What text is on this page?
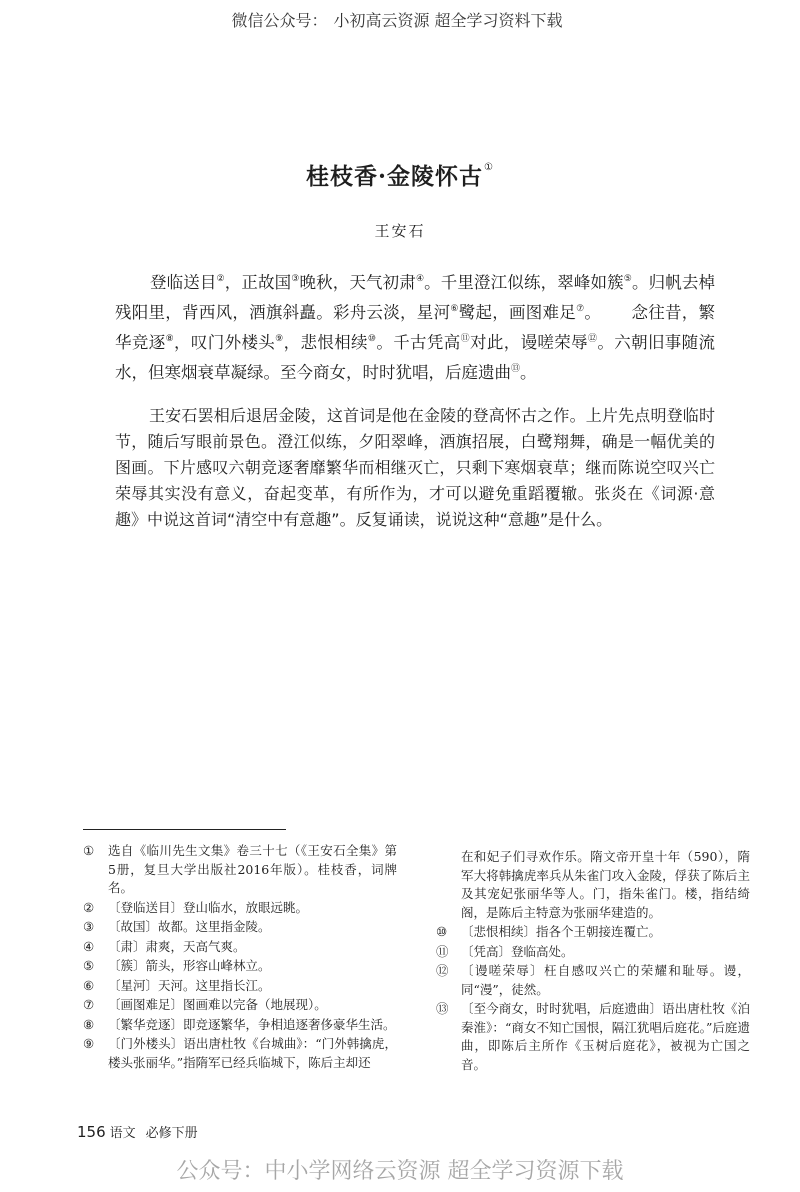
微信公众号： 小初高云资源 超全学习资料下载
桂枝香·金陵怀古①
王安石

登临送目②，正故国③晚秋，天气初肃④。千里澄江似练，翠峰如簇⑤。归帆去棹残阳里，背西风，酒旗斜矗。彩舟云淡，星河⑥鹭起，画图难足⑦。 念往昔，繁华竞逐⑧，叹门外楼头⑨，悲恨相续⑩。千古凭高⑪对此，谩嗟荣辱⑫。六朝旧事随流水，但寒烟衰草凝绿。至今商女，时时犹唱，后庭遗曲⑬。

王安石罢相后退居金陵，这首词是他在金陵的登高怀古之作。上片先点明登临时节，随后写眼前景色。澄江似练，夕阳翠峰，酒旗招展，白鹭翔舞，确是一幅优美的图画。下片感叹六朝竞逐奢靡繁华而相继灭亡，只剩下寒烟衰草；继而陈说空叹兴亡荣辱其实没有意义，奋起变革，有所作为，才可以避免重蹈覆辙。张炎在《词源·意趣》中说这首词“清空中有意趣”。反复诵读，说说这种“意趣”是什么。

① 选自《临川先生文集》卷三十七（《王安石全集》第5册，复旦大学出版社2016年版）。桂枝香，词牌名。
② 〔登临送目〕登山临水，放眼远眺。
③ 〔故国〕故都。这里指金陵。
④ 〔肃〕肃爽，天高气爽。
⑤ 〔簇〕箭头，形容山峰林立。
⑥ 〔星河〕天河。这里指长江。
⑦ 〔画图难足〕图画难以完备（地展现）。
⑧ 〔繁华竞逐〕即竞逐繁华，争相追逐奢侈豪华生活。
⑨ 〔门外楼头〕语出唐杜牧《台城曲》：“门外韩擒虎，楼头张丽华。”指隋军已经兵临城下，陈后主却还
在和妃子们寻欢作乐。隋文帝开皇十年（590），隋军大将韩擒虎率兵从朱雀门攻入金陵，俘获了陈后主及其宠妃张丽华等人。门，指朱雀门。楼，指结绮阁，是陈后主特意为张丽华建造的。
⑩ 〔悲恨相续〕指各个王朝接连覆亡。
⑪ 〔凭高〕登临高处。
⑫ 〔谩嗟荣辱〕枉自感叹兴亡的荣耀和耻辱。谩，同“漫”，徒然。
⑬ 〔至今商女，时时犹唱，后庭遗曲〕语出唐杜牧《泊秦淮》：“商女不知亡国恨，隔江犹唱后庭花。”后庭遗曲，即陈后主所作《玉树后庭花》，被视为亡国之音。
156 语文 必修下册
公众号：中小学网络云资源 超全学习资源下载
